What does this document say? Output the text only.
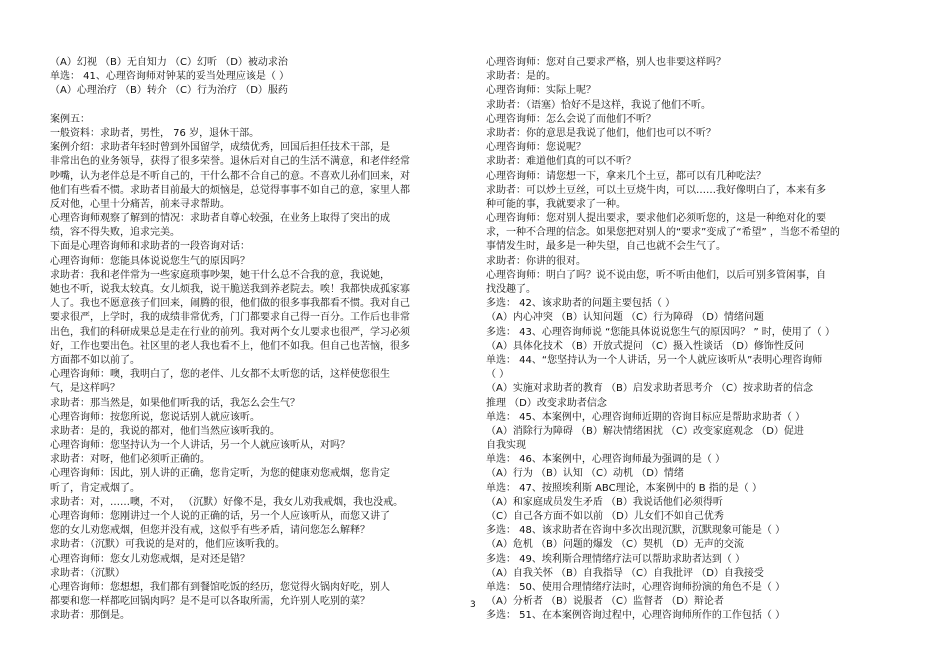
（A）幻视 （B）无自知力 （C）幻听 （D）被动求治
单选： 41、心理咨询师对钟某的妥当处理应该是（ ）
（A）心理治疗 （B）转介 （C）行为治疗 （D）服药
案例五：
一般资料：求助者，男性， 76 岁，退休干部。
案例介绍：求助者年轻时曾到外国留学，成绩优秀，回国后担任技术干部，是
非常出色的业务领导，获得了很多荣誉。退休后对自己的生活不满意，和老伴经常
吵嘴，认为老伴总是不听自己的，干什么都不合自己的意。不喜欢儿孙们回来，对
他们有些看不惯。求助者目前最大的烦恼是，总觉得事事不如自己的意，家里人都
反对他，心里十分痛苦，前来寻求帮助。
心理咨询师观察了解到的情况：求助者自尊心较强，在业务上取得了突出的成
绩，容不得失败，追求完美。
下面是心理咨询师和求助者的一段咨询对话：
心理咨询师：您能具体说说您生气的原因吗？
求助者：我和老伴常为一些家庭琐事吵架，她干什么总不合我的意，我说她，
她也不听，说我太较真。女儿烦我，说干脆送我到养老院去。唉！我都快成孤家寡
人了。我也不愿意孩子们回来，闹腾的很，他们做的很多事我都看不惯。我对自己
要求很严，上学时，我的成绩非常优秀，门门都要求自己得一百分。工作后也非常
出色，我们的科研成果总是走在行业的前列。我对两个女儿要求也很严，学习必须
好，工作也要出色。社区里的老人我也看不上，他们不如我。但自己也苦恼，很多
方面都不如以前了。
心理咨询师：噢，我明白了，您的老伴、儿女都不太听您的话，这样使您很生
气，是这样吗？
求助者：那当然是，如果他们听我的话，我怎么会生气？
心理咨询师：按您所说，您说话别人就应该听。
求助者：是的，我说的都对，他们当然应该听我的。
心理咨询师：您坚持认为一个人讲话，另一个人就应该听从，对吗？
求助者：对呀，他们必须听正确的。
心理咨询师：因此，别人讲的正确，您肯定听，为您的健康劝您戒烟，您肯定
听了，肯定戒烟了。
求助者：对，……噢，不对， （沉默）好像不是，我女儿劝我戒烟，我也没戒。
心理咨询师：您刚讲过一个人说的正确的话，另一个人应该听从，而您又讲了
您的女儿劝您戒烟，但您并没有戒，这似乎有些矛盾，请问您怎么解释？
求助者：（沉默）可我说的是对的，他们应该听我的。
心理咨询师：您女儿劝您戒烟，是对还是错？
求助者：（沉默）
心理咨询师：您想想，我们都有到餐馆吃饭的经历，您觉得火锅肉好吃，别人
都要和您一样都吃回锅肉吗？是不是可以各取所需，允许别人吃别的菜？
求助者：那倒是。
心理咨询师：您对自己要求严格，别人也非要这样吗？
求助者：是的。
心理咨询师：实际上呢？
求助者：（语塞）恰好不是这样，我说了他们不听。
心理咨询师：怎么会说了而他们不听？
求助者：你的意思是我说了他们，他们也可以不听？
心理咨询师：您说呢？
求助者：难道他们真的可以不听？
心理咨询师：请您想一下，拿来几个土豆，都可以有几种吃法？
求助者：可以炒土豆丝，可以土豆烧牛肉，可以……我好像明白了，本来有多
种可能的事，我就要求了一种。
心理咨询师：您对别人提出要求，要求他们必须听您的，这是一种绝对化的要
求，一种不合理的信念。如果您把对别人的“要求”变成了“希望” ，当您不希望的
事情发生时，最多是一种失望，自己也就不会生气了。
求助者：你讲的很对。
心理咨询师：明白了吗？说不说由您，听不听由他们，以后可别多管闲事，自
找没趣了。
多选： 42、该求助者的问题主要包括（ ）
（A）内心冲突 （B）认知问题 （C）行为障碍 （D）情绪问题
多选： 43、心理咨询师说 “您能具体说说您生气的原因吗？ ” 时，使用了（ ）
（A）具体化技术 （B）开放式提问 （C）摄入性谈话 （D）修饰性反问
单选： 44、“您坚持认为一个人讲话，另一个人就应该听从”表明心理咨询师
（ ）
（A）实施对求助者的教育 （B）启发求助者思考介 （C）按求助者的信念
推理 （D）改变求助者信念
单选： 45、本案例中，心理咨询师近期的咨询目标应是帮助求助者（ ）
（A）消除行为障碍 （B）解决情绪困扰 （C）改变家庭观念 （D）促进
自我实现
单选： 46、本案例中，心理咨询师最为强调的是（ ）
（A）行为 （B）认知 （C）动机 （D）情绪
单选： 47、按照埃利斯 ABC理论，本案例中的 B 指的是（ ）
（A）和家庭成员发生矛盾 （B）我说话他们必须得听
（C）自己各方面不如以前 （D）儿女们不如自己优秀
多选： 48、该求助者在咨询中多次出现沉默，沉默现象可能是（ ）
（A）危机 （B）问题的爆发 （C）契机 （D）无声的交流
多选： 49、埃利斯合理情绪疗法可以帮助求助者达到（ ）
（A）自我关怀 （B）自我指导 （C）自我批评 （D）自我接受
单选： 50、使用合理情绪疗法时，心理咨询师扮演的角色不是（ ）
（A）分析者 （B）说服者 （C）监督者 （D）辩论者
多选： 51、在本案例咨询过程中，心理咨询师所作的工作包括（ ）
3
